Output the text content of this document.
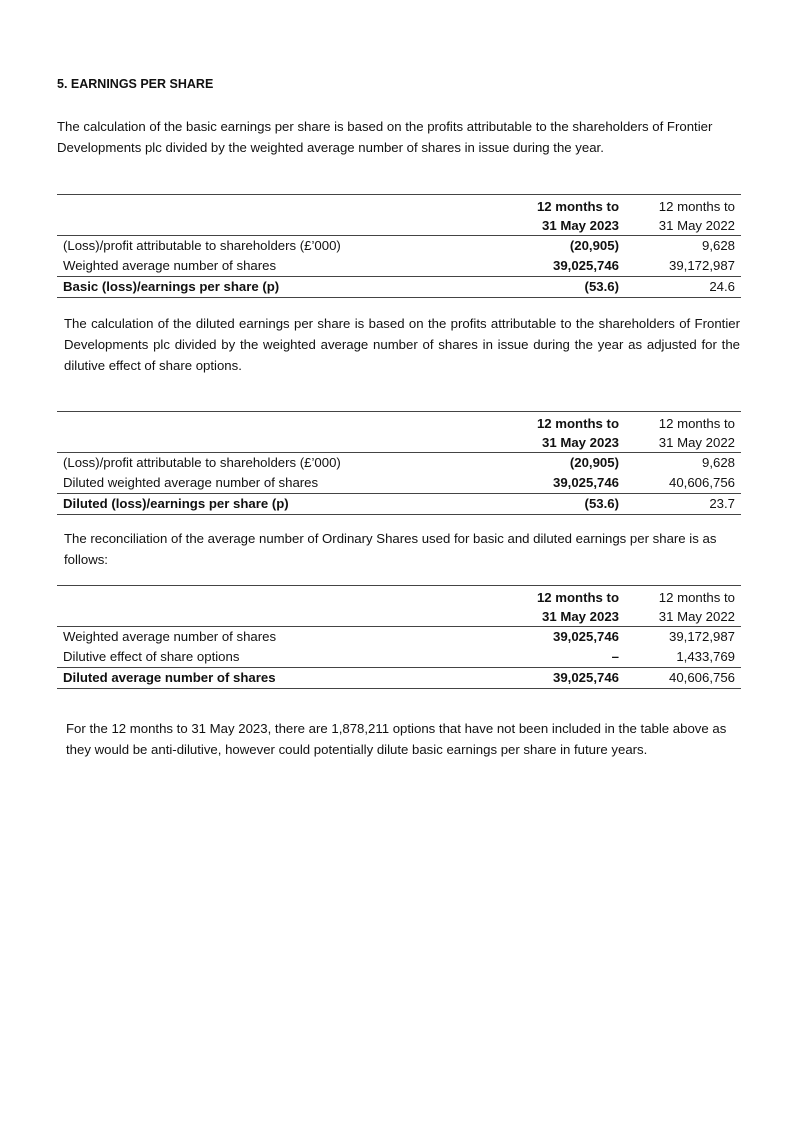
5. EARNINGS PER SHARE
The calculation of the basic earnings per share is based on the profits attributable to the shareholders of Frontier Developments plc divided by the weighted average number of shares in issue during the year.
	12 months to	12 months to
	31 May 2023	31 May 2022
(Loss)/profit attributable to shareholders (£’000)	(20,905)	9,628
Weighted average number of shares	39,025,746	39,172,987
Basic (loss)/earnings per share (p)	(53.6)	24.6
The calculation of the diluted earnings per share is based on the profits attributable to the shareholders of Frontier Developments plc divided by the weighted average number of shares in issue during the year as adjusted for the dilutive effect of share options.
	12 months to	12 months to
	31 May 2023	31 May 2022
(Loss)/profit attributable to shareholders (£’000)	(20,905)	9,628
Diluted weighted average number of shares	39,025,746	40,606,756
Diluted (loss)/earnings per share (p)	(53.6)	23.7
The reconciliation of the average number of Ordinary Shares used for basic and diluted earnings per share is as follows:
	12 months to	12 months to
	31 May 2023	31 May 2022
Weighted average number of shares	39,025,746	39,172,987
Dilutive effect of share options	–	1,433,769
Diluted average number of shares	39,025,746	40,606,756
For the 12 months to 31 May 2023, there are 1,878,211 options that have not been included in the table above as they would be anti-dilutive, however could potentially dilute basic earnings per share in future years.
